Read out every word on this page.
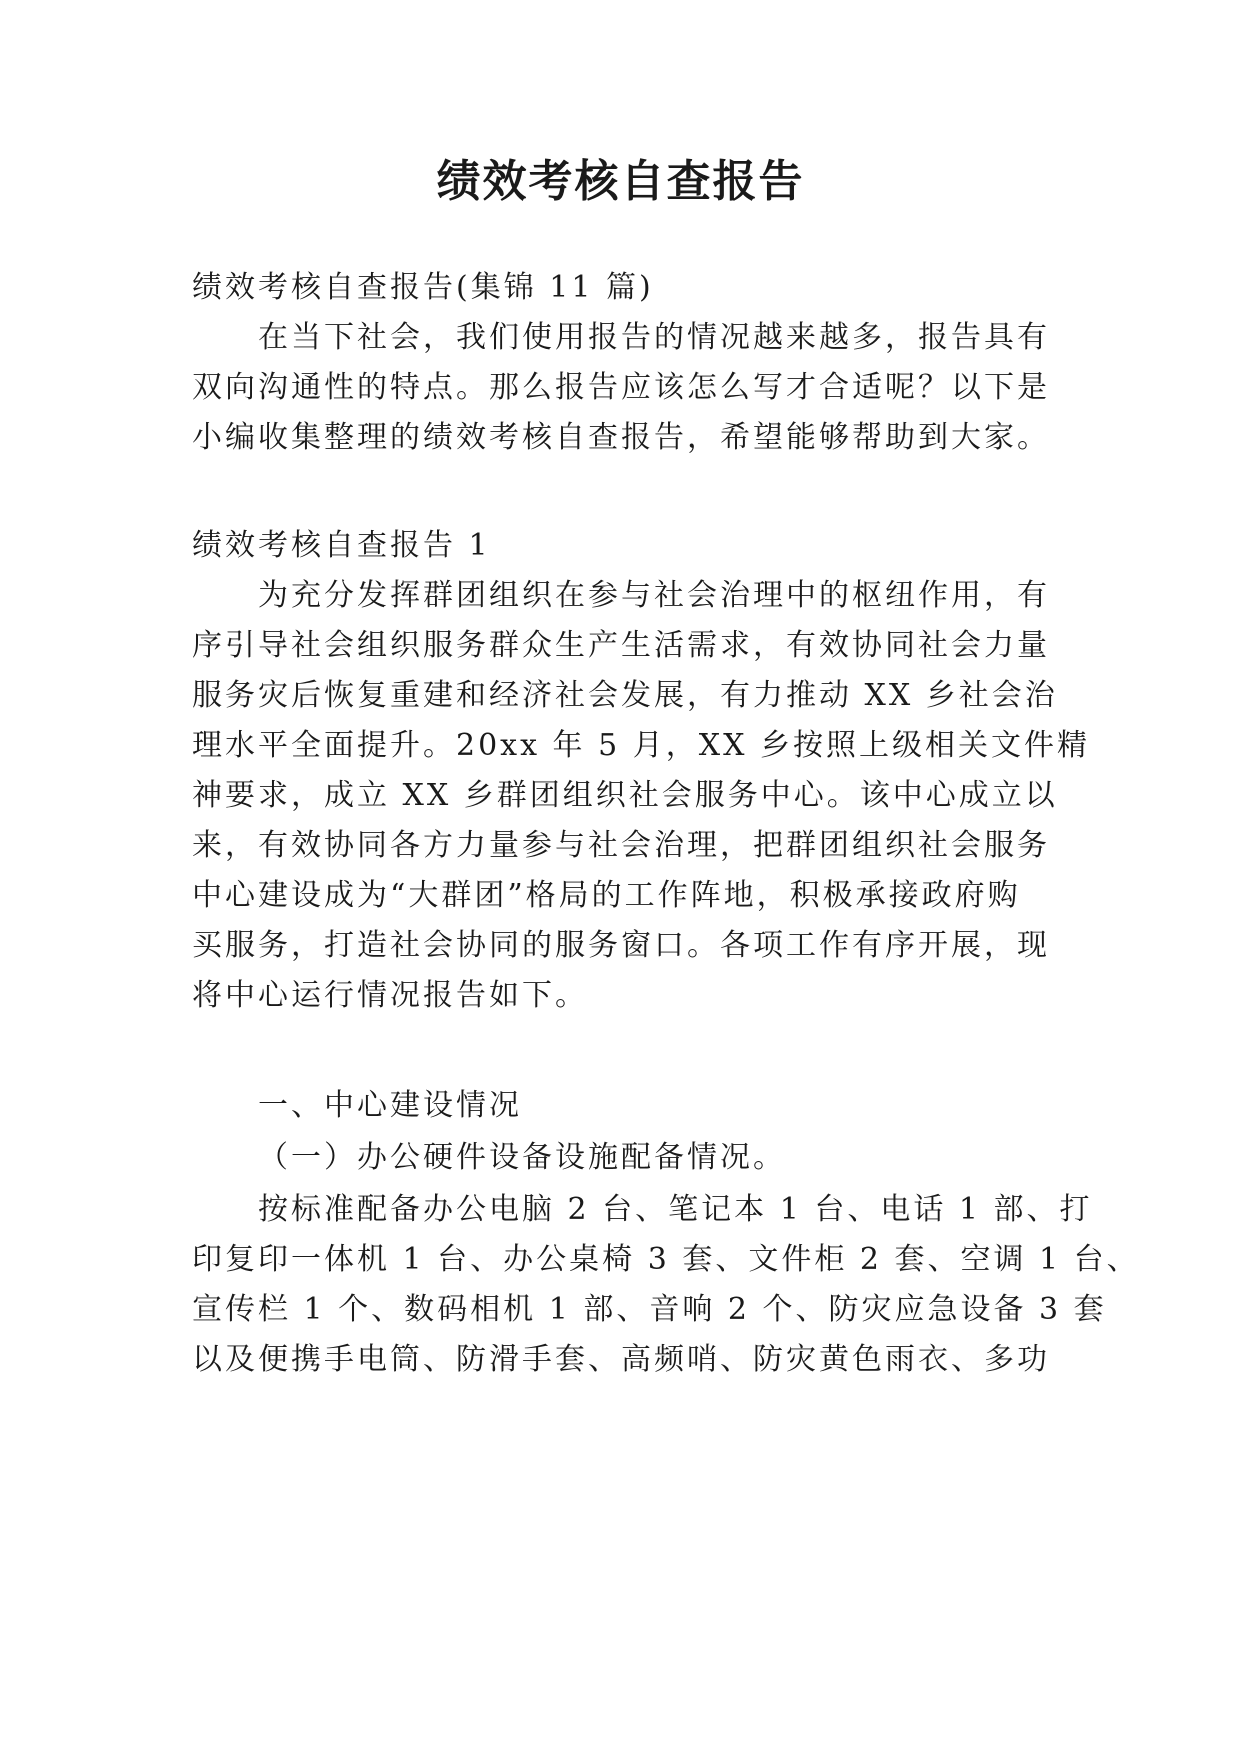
绩效考核自查报告

绩效考核自查报告(集锦 11 篇)

在当下社会，我们使用报告的情况越来越多，报告具有

双向沟通性的特点。那么报告应该怎么写才合适呢？以下是

小编收集整理的绩效考核自查报告，希望能够帮助到大家。

绩效考核自查报告 1

为充分发挥群团组织在参与社会治理中的枢纽作用，有

序引导社会组织服务群众生产生活需求，有效协同社会力量

服务灾后恢复重建和经济社会发展，有力推动 XX 乡社会治

理水平全面提升。20xx 年 5 月，XX 乡按照上级相关文件精

神要求，成立 XX 乡群团组织社会服务中心。该中心成立以

来，有效协同各方力量参与社会治理，把群团组织社会服务

中心建设成为“大群团”格局的工作阵地，积极承接政府购

买服务，打造社会协同的服务窗口。各项工作有序开展，现

将中心运行情况报告如下。

一、中心建设情况

（一）办公硬件设备设施配备情况。

按标准配备办公电脑 2 台、笔记本 1 台、电话 1 部、打

印复印一体机 1 台、办公桌椅 3 套、文件柜 2 套、空调 1 台、

宣传栏 1 个、数码相机 1 部、音响 2 个、防灾应急设备 3 套

以及便携手电筒、防滑手套、高频哨、防灾黄色雨衣、多功
